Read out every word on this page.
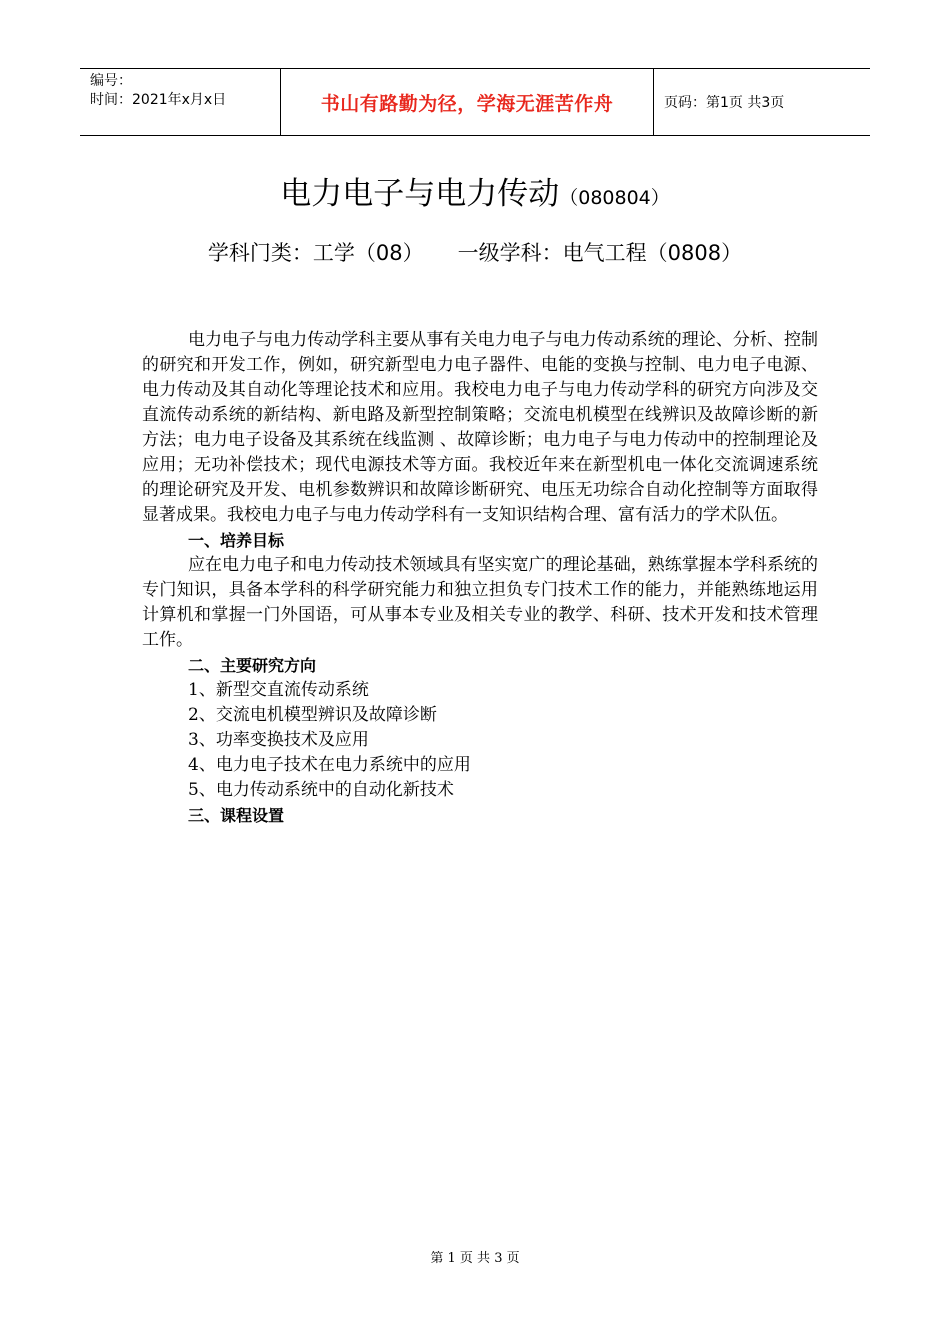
编号：
时间：2021年x月x日	书山有路勤为径，学海无涯苦作舟	页码：第1页 共3页
电力电子与电力传动（080804）
学科门类：工学（08） 一级学科：电气工程（0808）

电力电子与电力传动学科主要从事有关电力电子与电力传动系统的理论、分析、控制的研究和开发工作，例如，研究新型电力电子器件、电能的变换与控制、电力电子电源、电力传动及其自动化等理论技术和应用。我校电力电子与电力传动学科的研究方向涉及交直流传动系统的新结构、新电路及新型控制策略；交流电机模型在线辨识及故障诊断的新方法；电力电子设备及其系统在线监测 、故障诊断；电力电子与电力传动中的控制理论及应用；无功补偿技术；现代电源技术等方面。我校近年来在新型机电一体化交流调速系统的理论研究及开发、电机参数辨识和故障诊断研究、电压无功综合自动化控制等方面取得显著成果。我校电力电子与电力传动学科有一支知识结构合理、富有活力的学术队伍。

一、培养目标

应在电力电子和电力传动技术领域具有坚实宽广的理论基础，熟练掌握本学科系统的专门知识，具备本学科的科学研究能力和独立担负专门技术工作的能力，并能熟练地运用计算机和掌握一门外国语，可从事本专业及相关专业的教学、科研、技术开发和技术管理工作。

二、主要研究方向

1、新型交直流传动系统

2、交流电机模型辨识及故障诊断

3、功率变换技术及应用

4、电力电子技术在电力系统中的应用

5、电力传动系统中的自动化新技术

三、课程设置

第 1 页 共 3 页
